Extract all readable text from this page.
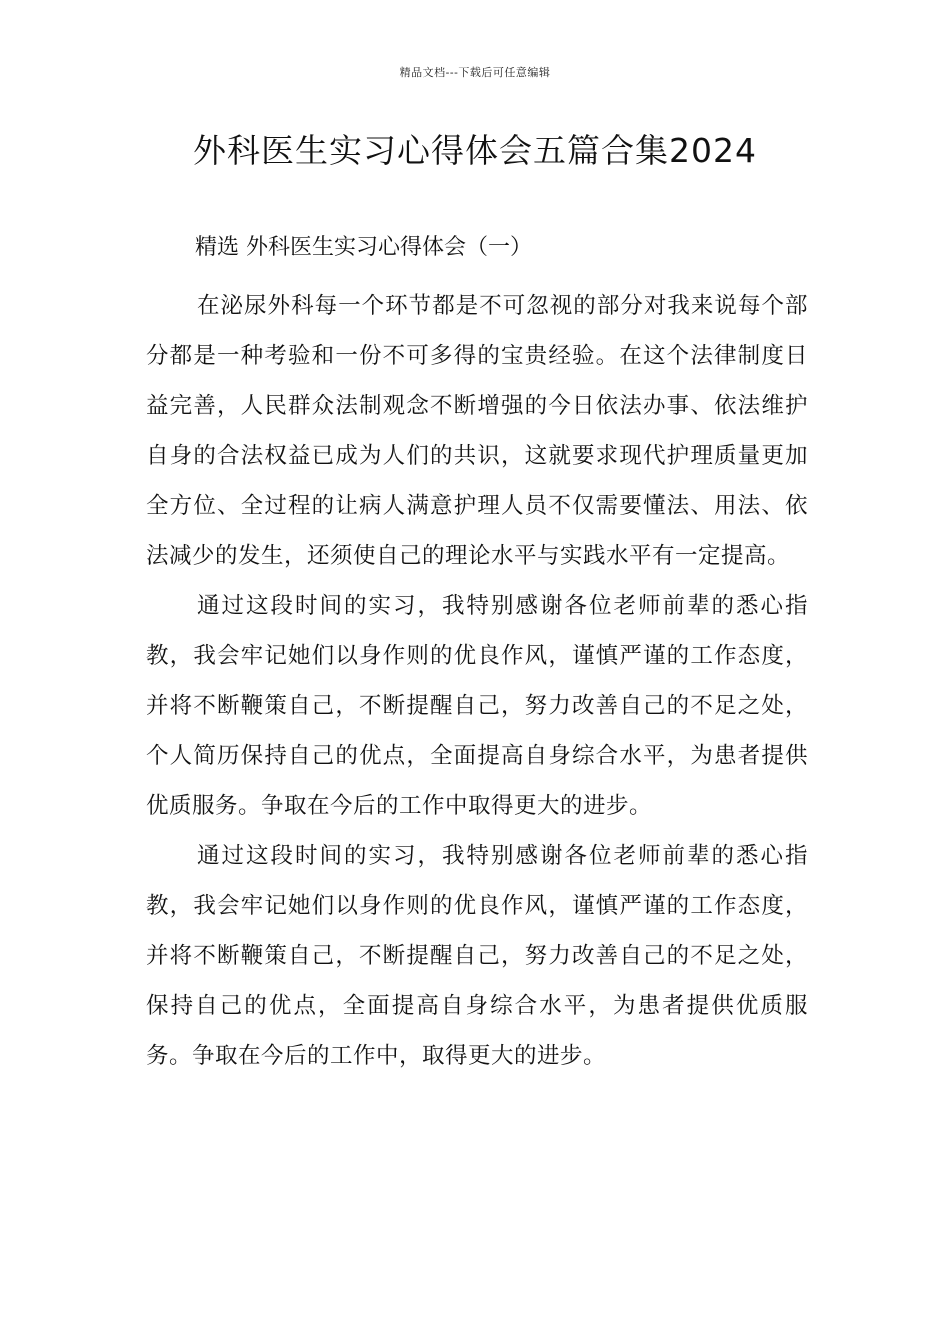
精品文档---下载后可任意编辑
外科医生实习心得体会五篇合集2024
精选 外科医生实习心得体会（一）

在泌尿外科每一个环节都是不可忽视的部分对我来说每个部分都是一种考验和一份不可多得的宝贵经验。在这个法律制度日益完善，人民群众法制观念不断增强的今日依法办事、依法维护自身的合法权益已成为人们的共识，这就要求现代护理质量更加全方位、全过程的让病人满意护理人员不仅需要懂法、用法、依法减少的发生，还须使自己的理论水平与实践水平有一定提高。

通过这段时间的实习，我特别感谢各位老师前辈的悉心指教，我会牢记她们以身作则的优良作风，谨慎严谨的工作态度，并将不断鞭策自己，不断提醒自己，努力改善自己的不足之处，个人简历保持自己的优点，全面提高自身综合水平，为患者提供优质服务。争取在今后的工作中取得更大的进步。

通过这段时间的实习，我特别感谢各位老师前辈的悉心指教，我会牢记她们以身作则的优良作风，谨慎严谨的工作态度，并将不断鞭策自己，不断提醒自己，努力改善自己的不足之处，保持自己的优点，全面提高自身综合水平，为患者提供优质服务。争取在今后的工作中，取得更大的进步。
